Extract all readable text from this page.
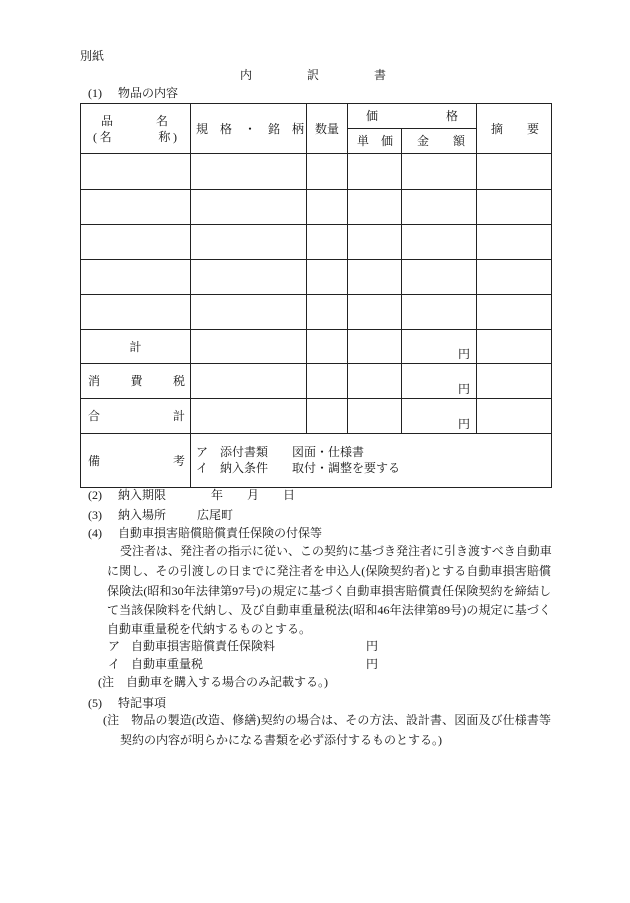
別紙
内　　　　訳　　　　書
(1) 物品の内容
品　　　名
(名　　　称)	規　格　・　銘　柄	数量	価　　　　　格		摘　　要

			単　価	金　　額	

計				円	

消　　費　　税				円	

合　　　　　　計				円	

備　　　　　　考	ア　添付書類　　図面・仕様書
イ　納入条件　　取付・調整を要する				
(2) 納入期限	年　　月　　日
(3) 納入場所	広尾町
(4) 自動車損害賠償賠償責任保険の付保等
受注者は、発注者の指示に従い、この契約に基づき発注者に引き渡すべき自動車
に関し、その引渡しの日までに発注者を申込人(保険契約者)とする自動車損害賠償
保険法(昭和30年法律第97号)の規定に基づく自動車損害賠償責任保険契約を締結し
て当該保険料を代納し、及び自動車重量税法(昭和46年法律第89号)の規定に基づく
自動車重量税を代納するものとする。
ア 自動車損害賠償責任保険料	円
イ 自動車重量税	円
(注　自動車を購入する場合のみ記載する。)
(5) 特記事項
(注　物品の製造(改造、修繕)契約の場合は、その方法、設計書、図面及び仕様書等
契約の内容が明らかになる書類を必ず添付するものとする。)
